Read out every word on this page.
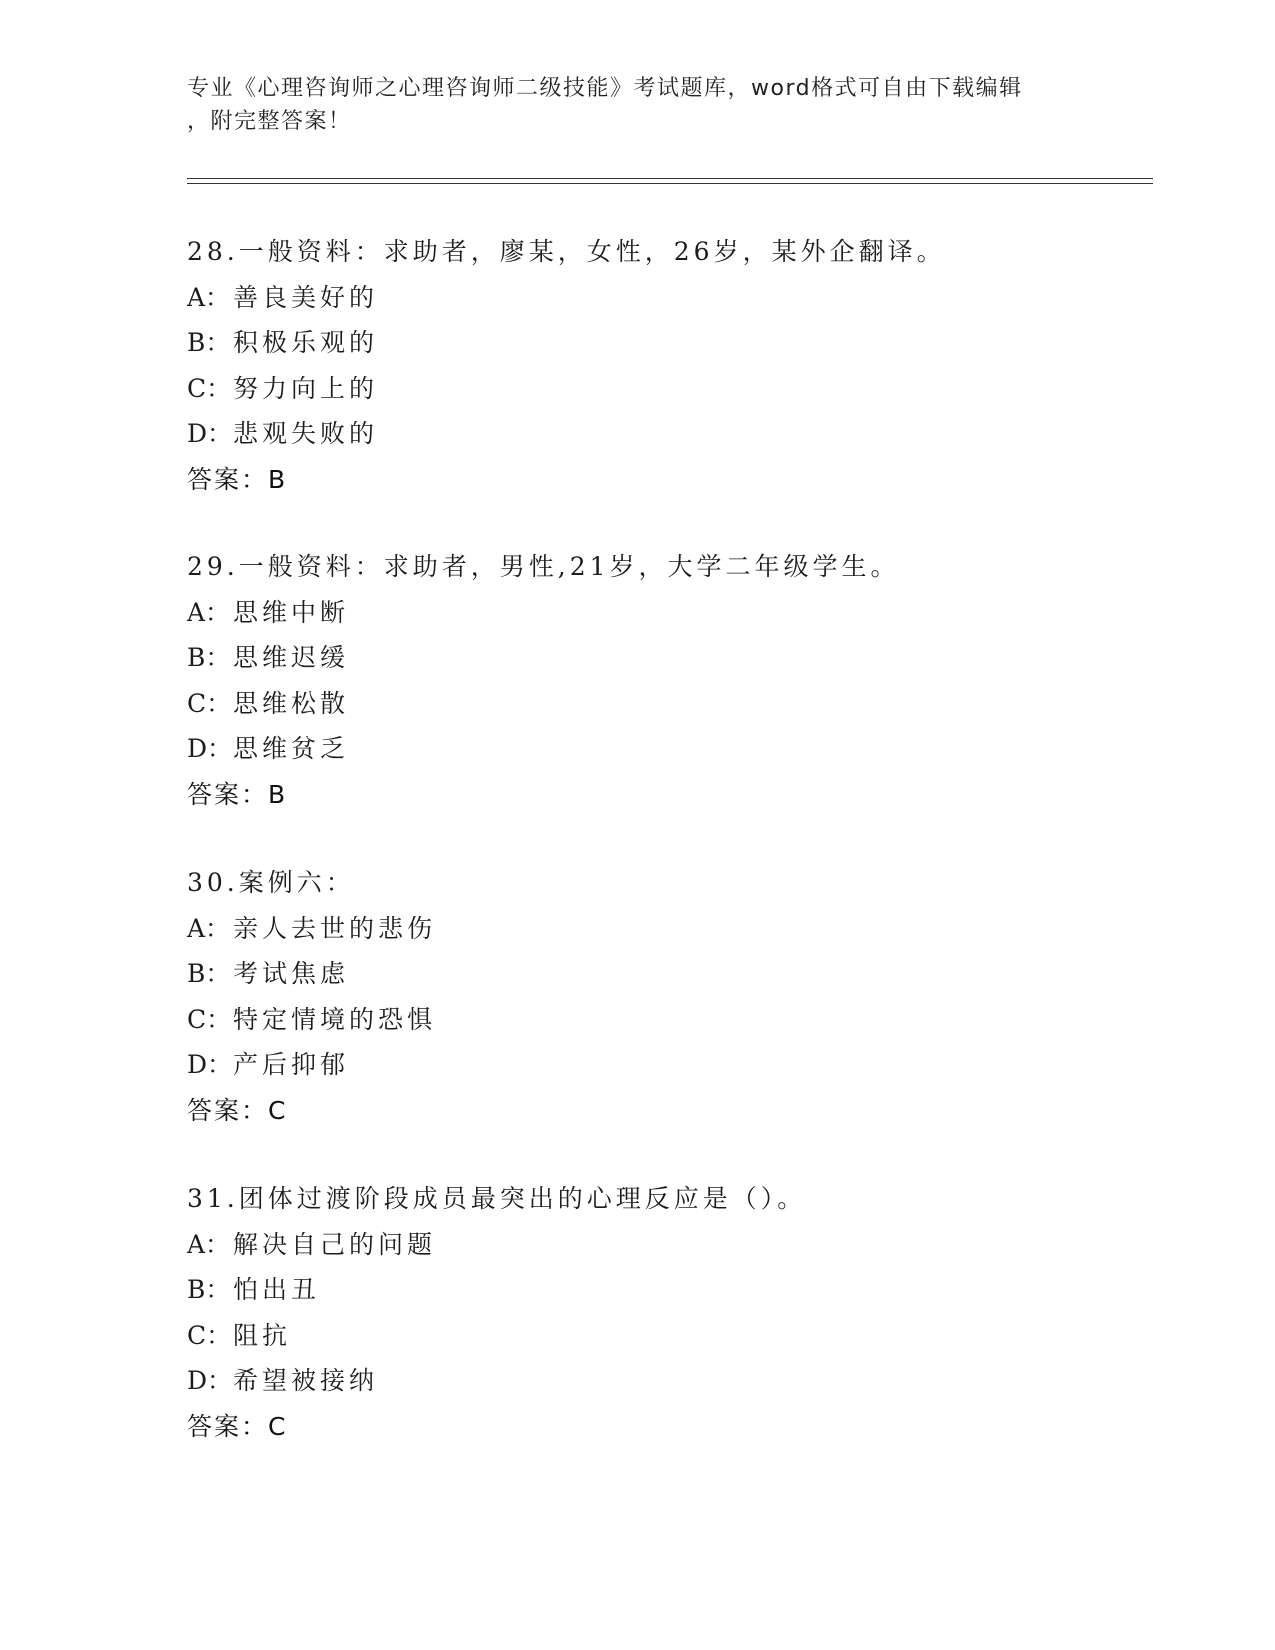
专业《心理咨询师之心理咨询师二级技能》考试题库，word格式可自由下载编辑
，附完整答案！
28.一般资料：求助者，廖某，女性，26岁，某外企翻译。
A： 善良美好的
B： 积极乐观的
C：努力向上的
D：悲观失败的
答案：B
29.一般资料：求助者，男性,21岁，大学二年级学生。
A： 思维中断
B： 思维迟缓
C：思维松散
D：思维贫乏
答案：B
30.案例六：
A： 亲人去世的悲伤
B： 考试焦虑
C：特定情境的恐惧
D：产后抑郁
答案：C
31.团体过渡阶段成员最突出的心理反应是（）。
A： 解决自己的问题
B： 怕出丑
C：阻抗
D：希望被接纳
答案：C
